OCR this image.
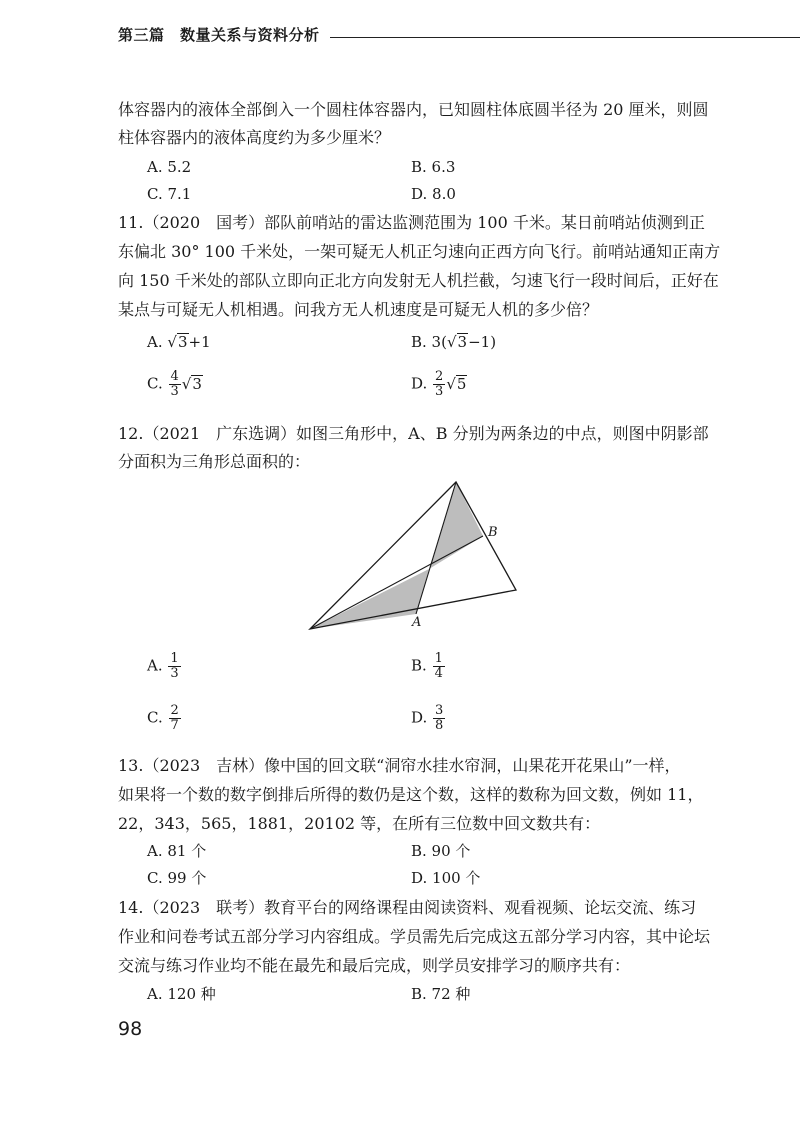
第三篇　数量关系与资料分析
体容器内的液体全部倒入一个圆柱体容器内，已知圆柱体底圆半径为 20 厘米，则圆
柱体容器内的液体高度约为多少厘米？
A. 5.2	B. 6.3
C. 7.1	D. 8.0
11.（2020　国考）部队前哨站的雷达监测范围为 100 千米。某日前哨站侦测到正
东偏北 30° 100 千米处，一架可疑无人机正匀速向正西方向飞行。前哨站通知正南方
向 150 千米处的部队立即向正北方向发射无人机拦截，匀速飞行一段时间后，正好在
某点与可疑无人机相遇。问我方无人机速度是可疑无人机的多少倍？
A. √3+1	B. 3(√3−1)
C. $\frac{4}{3} √3$	D. $\frac{2}{3} √5$
12.（2021　广东选调）如图三角形中，A、B 分别为两条边的中点，则图中阴影部
分面积为三角形总面积的：
A
B
A. $\frac{1}{3}$	B. $\frac{1}{4}$
C. $\frac{2}{7}$	D. $\frac{3}{8}$
13.（2023　吉林）像中国的回文联“洞帘水挂水帘洞，山果花开花果山”一样，
如果将一个数的数字倒排后所得的数仍是这个数，这样的数称为回文数，例如 11，
22，343，565，1881，20102 等，在所有三位数中回文数共有：
A. 81 个	B. 90 个
C. 99 个	D. 100 个
14.（2023　联考）教育平台的网络课程由阅读资料、观看视频、论坛交流、练习
作业和问卷考试五部分学习内容组成。学员需先后完成这五部分学习内容，其中论坛
交流与练习作业均不能在最先和最后完成，则学员安排学习的顺序共有：
A. 120 种	B. 72 种
98
